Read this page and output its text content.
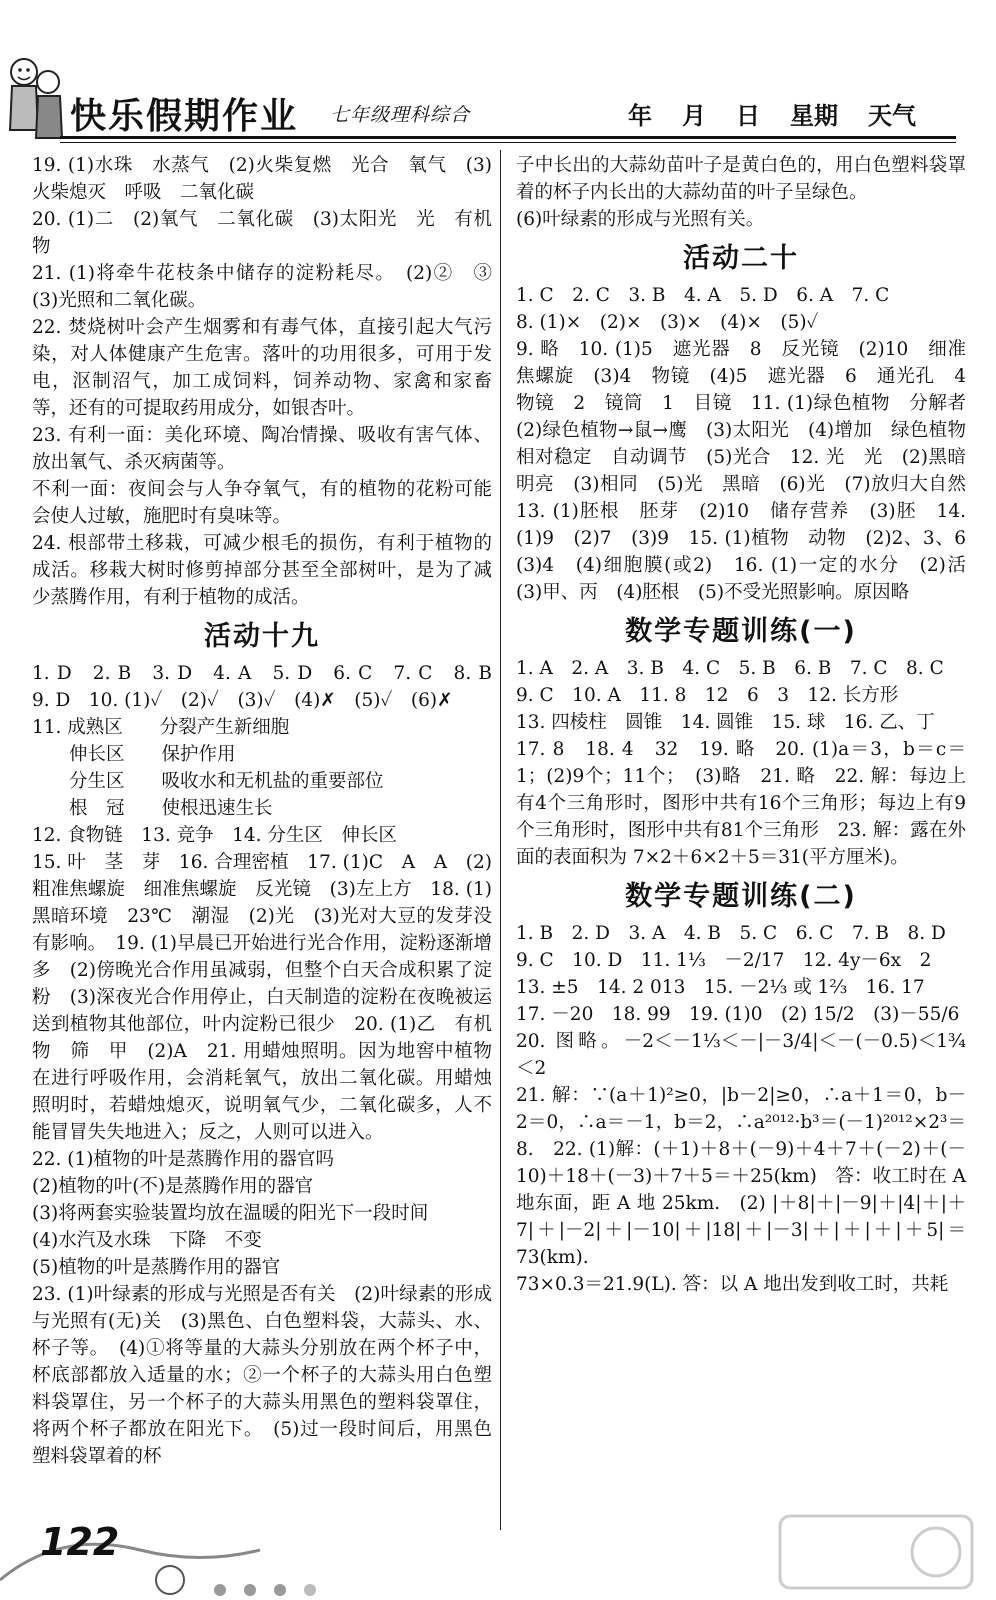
快乐假期作业 七年级理科综合	年 月 日 星期 天气
19. (1)水珠　水蒸气　(2)火柴复燃　光合　氧气　(3)火柴熄灭　呼吸　二氧化碳
20. (1)二　(2)氧气　二氧化碳　(3)太阳光　光　有机物
21. (1)将牵牛花枝条中储存的淀粉耗尽。　(2)②　③　(3)光照和二氧化碳。
22. 焚烧树叶会产生烟雾和有毒气体，直接引起大气污染，对人体健康产生危害。落叶的功用很多，可用于发电，沤制沼气，加工成饲料，饲养动物、家禽和家畜等，还有的可提取药用成分，如银杏叶。
23. 有利一面：美化环境、陶冶情操、吸收有害气体、放出氧气、杀灭病菌等。
不利一面：夜间会与人争夺氧气，有的植物的花粉可能会使人过敏，施肥时有臭味等。
24. 根部带土移栽，可减少根毛的损伤，有利于植物的成活。移栽大树时修剪掉部分甚至全部树叶，是为了减少蒸腾作用，有利于植物的成活。
活动十九
1. D　2. B　3. D　4. A　5. D　6. C　7. C　8. B　9. D　10. (1)✓　(2)✓　(3)✓　(4)✗　(5)✓　(6)✗
11. 成熟区　　分裂产生新细胞
　　伸长区　　保护作用
　　分生区　　吸收水和无机盐的重要部位
　　根　冠　　使根迅速生长
12. 食物链　13. 竞争　14. 分生区　伸长区
15. 叶　茎　芽　16. 合理密植　17. (1)C　A　A　(2)粗准焦螺旋　细准焦螺旋　反光镜　(3)左上方　18. (1)黑暗环境　23℃　潮湿　(2)光　(3)光对大豆的发芽没有影响。　19. (1)早晨已开始进行光合作用，淀粉逐渐增多　(2)傍晚光合作用虽减弱，但整个白天合成积累了淀粉　(3)深夜光合作用停止，白天制造的淀粉在夜晚被运送到植物其他部位，叶内淀粉已很少　20. (1)乙　有机物　筛　甲　(2)A　21. 用蜡烛照明。因为地窖中植物在进行呼吸作用，会消耗氧气，放出二氧化碳。用蜡烛照明时，若蜡烛熄灭，说明氧气少，二氧化碳多，人不能冒冒失失地进入；反之，人则可以进入。
22. (1)植物的叶是蒸腾作用的器官吗
(2)植物的叶(不)是蒸腾作用的器官
(3)将两套实验装置均放在温暖的阳光下一段时间
(4)水汽及水珠　下降　不变
(5)植物的叶是蒸腾作用的器官
23. (1)叶绿素的形成与光照是否有关　(2)叶绿素的形成与光照有(无)关　(3)黑色、白色塑料袋，大蒜头、水、杯子等。　(4)①将等量的大蒜头分别放在两个杯子中，杯底部都放入适量的水；②一个杯子的大蒜头用白色塑料袋罩住，另一个杯子的大蒜头用黑色的塑料袋罩住，将两个杯子都放在阳光下。　(5)过一段时间后，用黑色塑料袋罩着的杯
子中长出的大蒜幼苗叶子是黄白色的，用白色塑料袋罩着的杯子内长出的大蒜幼苗的叶子呈绿色。
(6)叶绿素的形成与光照有关。
活动二十
1. C　2. C　3. B　4. A　5. D　6. A　7. C
8. (1)×　(2)×　(3)×　(4)×　(5)✓
9. 略　10. (1)5　遮光器　8　反光镜　(2)10　细准焦螺旋　(3)4　物镜　(4)5　遮光器　6　通光孔　4　物镜　2　镜筒　1　目镜　11. (1)绿色植物　分解者　(2)绿色植物→鼠→鹰　(3)太阳光　(4)增加　绿色植物　相对稳定　自动调节　(5)光合　12. 光　光　(2)黑暗　明亮　(3)相同　(5)光　黑暗　(6)光　(7)放归大自然　13. (1)胚根　胚芽　(2)10　储存营养　(3)胚　14. (1)9　(2)7　(3)9　15. (1)植物　动物　(2)2、3、6　(3)4　(4)细胞膜(或2)　16. (1)一定的水分　(2)活　(3)甲、丙　(4)胚根　(5)不受光照影响。原因略
数学专题训练(一)
1. A　2. A　3. B　4. C　5. B　6. B　7. C　8. C
9. C　10. A　11. 8　12　6　3　12. 长方形
13. 四棱柱　圆锥　14. 圆锥　15. 球　16. 乙、丁
17. 8　18. 4　32　19. 略　20. (1)a＝3，b＝c＝1；(2)9个；11个；　(3)略　21. 略　22. 解：每边上有4个三角形时，图形中共有16个三角形；每边上有9个三角形时，图形中共有81个三角形　23. 解：露在外面的表面积为 7×2＋6×2＋5＝31(平方厘米)。
数学专题训练(二)
1. B　2. D　3. A　4. B　5. C　6. C　7. B　8. D
9. C　10. D　11. 1⅓　－2/17　12. 4y－6x　2
13. ±5　14. 2 013　15. －2⅓ 或 1⅔　16. 17
17. －20　18. 99　19. (1)0　(2) 15/2　(3)－55/6
20. 图略。－2＜－1⅓＜－|－3/4|＜－(－0.5)＜1¾＜2
21. 解：∵(a＋1)²≥0，|b－2|≥0，∴a＋1＝0，b－2＝0，∴a＝－1，b＝2，∴a²⁰¹²·b³＝(－1)²⁰¹²×2³＝8.　22. (1)解：(＋1)＋8＋(－9)＋4＋7＋(－2)＋(－10)＋18＋(－3)＋7＋5＝＋25(km)　答：收工时在 A 地东面，距 A 地 25km.　(2) |＋8|＋|－9|＋|4|＋|＋7|＋|－2|＋|－10|＋|18|＋|－3|＋|＋|＋|＋5|＝73(km).
73×0.3＝21.9(L). 答：以 A 地出发到收工时，共耗
122
